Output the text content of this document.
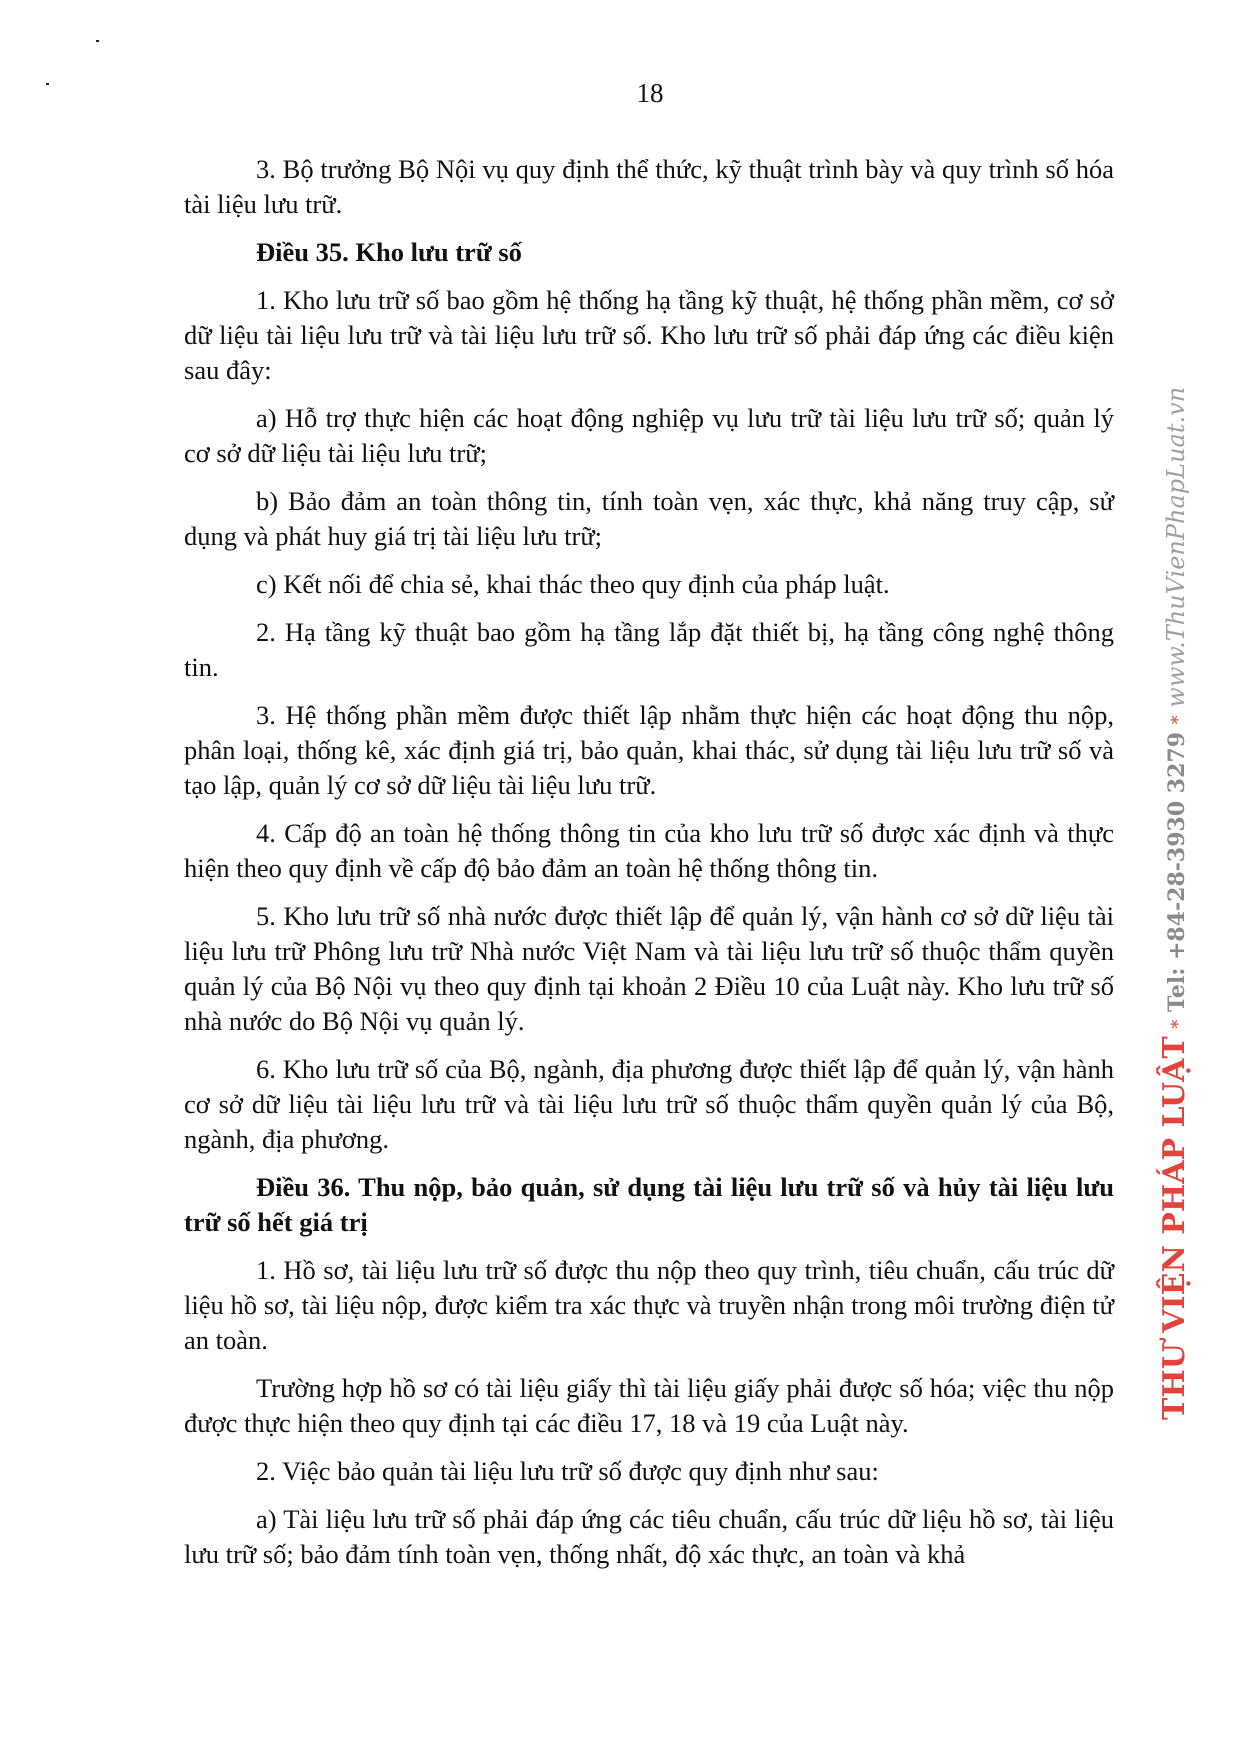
18

3. Bộ trưởng Bộ Nội vụ quy định thể thức, kỹ thuật trình bày và quy trình số hóa tài liệu lưu trữ.

Điều 35. Kho lưu trữ số

1. Kho lưu trữ số bao gồm hệ thống hạ tầng kỹ thuật, hệ thống phần mềm, cơ sở dữ liệu tài liệu lưu trữ và tài liệu lưu trữ số. Kho lưu trữ số phải đáp ứng các điều kiện sau đây:

a) Hỗ trợ thực hiện các hoạt động nghiệp vụ lưu trữ tài liệu lưu trữ số; quản lý cơ sở dữ liệu tài liệu lưu trữ;

b) Bảo đảm an toàn thông tin, tính toàn vẹn, xác thực, khả năng truy cập, sử dụng và phát huy giá trị tài liệu lưu trữ;

c) Kết nối để chia sẻ, khai thác theo quy định của pháp luật.

2. Hạ tầng kỹ thuật bao gồm hạ tầng lắp đặt thiết bị, hạ tầng công nghệ thông tin.

3. Hệ thống phần mềm được thiết lập nhằm thực hiện các hoạt động thu nộp, phân loại, thống kê, xác định giá trị, bảo quản, khai thác, sử dụng tài liệu lưu trữ số và tạo lập, quản lý cơ sở dữ liệu tài liệu lưu trữ.

4. Cấp độ an toàn hệ thống thông tin của kho lưu trữ số được xác định và thực hiện theo quy định về cấp độ bảo đảm an toàn hệ thống thông tin.

5. Kho lưu trữ số nhà nước được thiết lập để quản lý, vận hành cơ sở dữ liệu tài liệu lưu trữ Phông lưu trữ Nhà nước Việt Nam và tài liệu lưu trữ số thuộc thẩm quyền quản lý của Bộ Nội vụ theo quy định tại khoản 2 Điều 10 của Luật này. Kho lưu trữ số nhà nước do Bộ Nội vụ quản lý.

6. Kho lưu trữ số của Bộ, ngành, địa phương được thiết lập để quản lý, vận hành cơ sở dữ liệu tài liệu lưu trữ và tài liệu lưu trữ số thuộc thẩm quyền quản lý của Bộ, ngành, địa phương.

Điều 36. Thu nộp, bảo quản, sử dụng tài liệu lưu trữ số và hủy tài liệu lưu trữ số hết giá trị

1. Hồ sơ, tài liệu lưu trữ số được thu nộp theo quy trình, tiêu chuẩn, cấu trúc dữ liệu hồ sơ, tài liệu nộp, được kiểm tra xác thực và truyền nhận trong môi trường điện tử an toàn.

Trường hợp hồ sơ có tài liệu giấy thì tài liệu giấy phải được số hóa; việc thu nộp được thực hiện theo quy định tại các điều 17, 18 và 19 của Luật này.

2. Việc bảo quản tài liệu lưu trữ số được quy định như sau:

a) Tài liệu lưu trữ số phải đáp ứng các tiêu chuẩn, cấu trúc dữ liệu hồ sơ, tài liệu lưu trữ số; bảo đảm tính toàn vẹn, thống nhất, độ xác thực, an toàn và khả

THƯ VIỆN PHÁP LUẬT * Tel: +84-28-3930 3279 * www.ThuVienPhapLuat.vn
